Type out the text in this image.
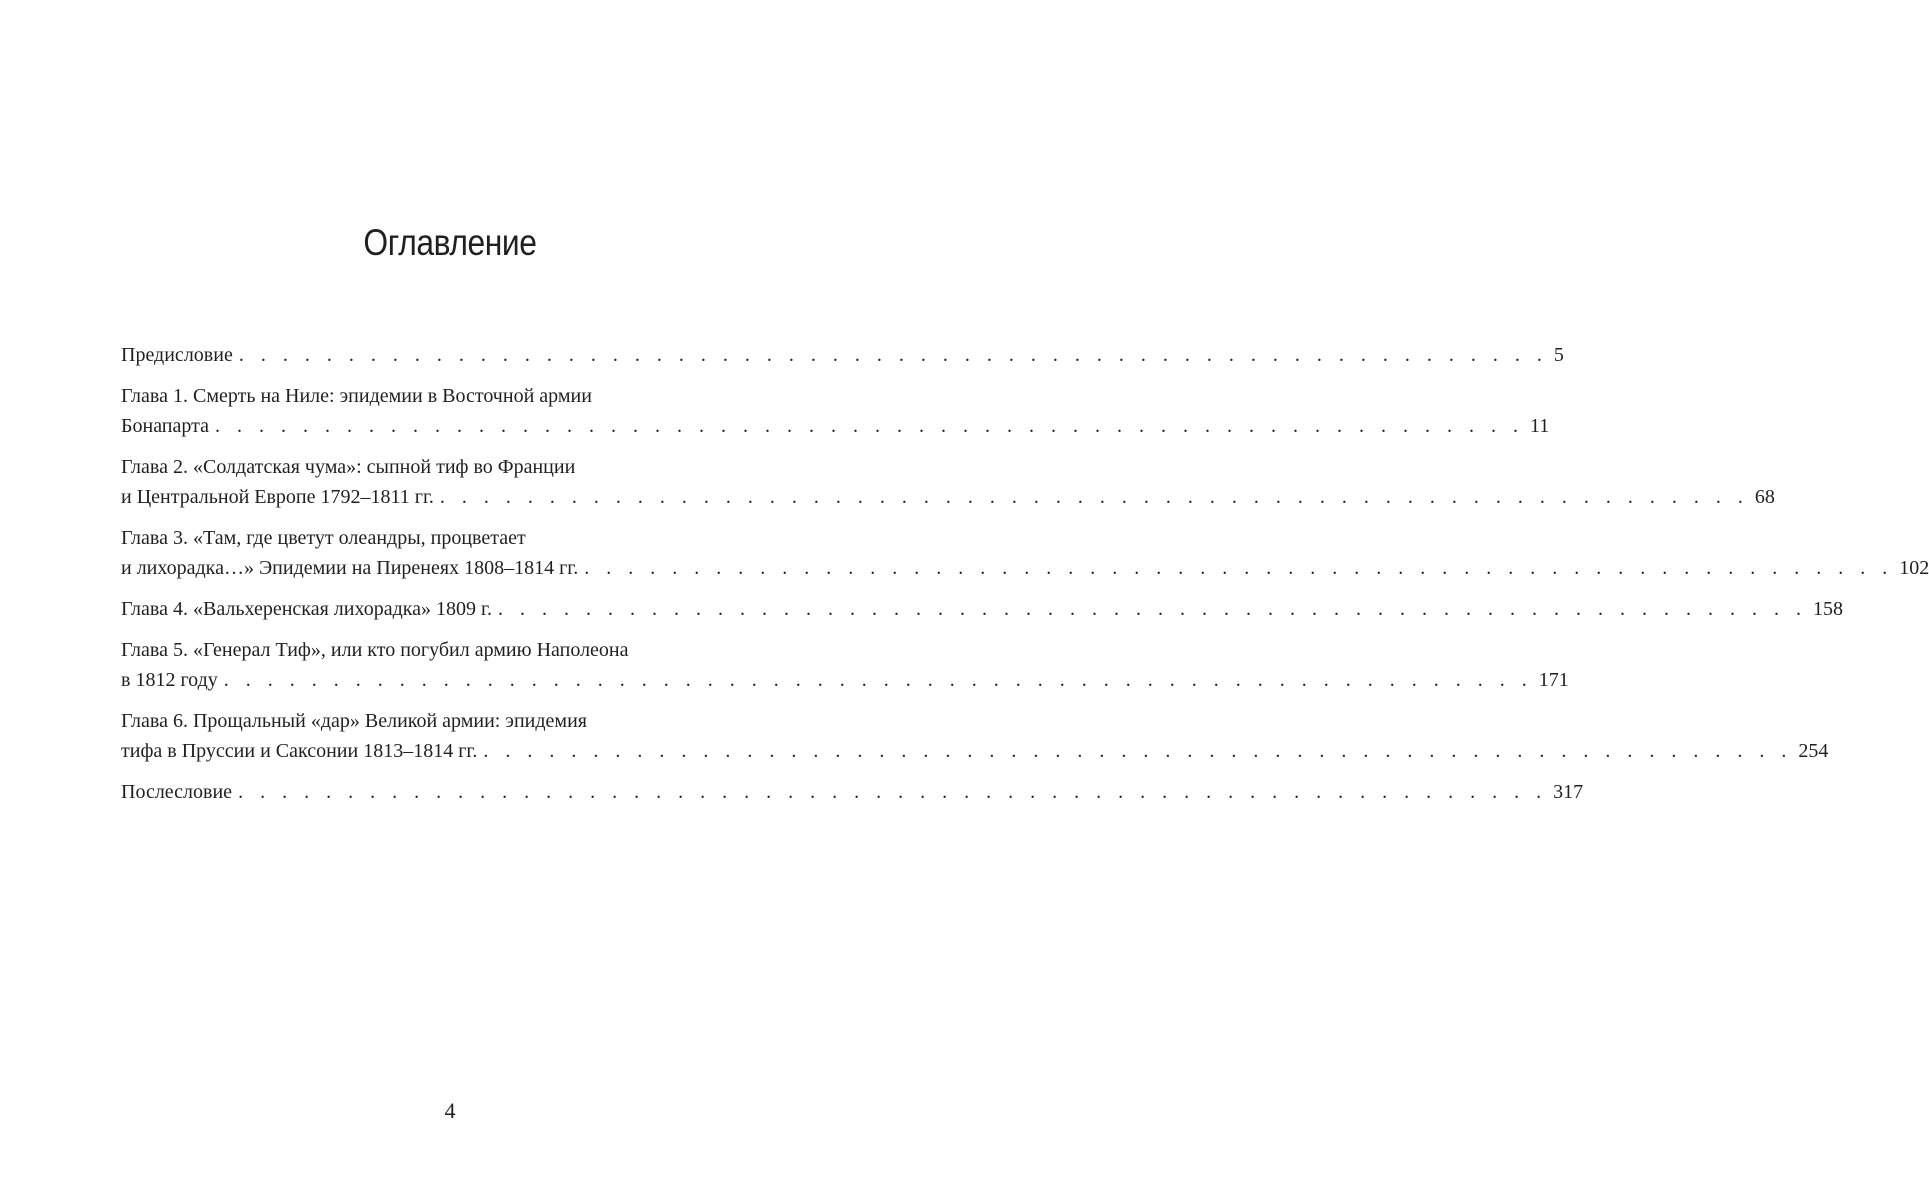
Оглавление
Предисловие . . . . . . . . . . . . . . . . . . . . . . . . . . . . . . . . . . . . . . . . . . . . . . . . . . . . . . . . . . . . 5
Глава 1. Смерть на Ниле: эпидемии в Восточной армии
Бонапарта . . . . . . . . . . . . . . . . . . . . . . . . . . . . . . . . . . . . . . . . . . . . . . . . . . . . . . . . . . . . 11
Глава 2. «Солдатская чума»: сыпной тиф во Франции
и Центральной Европе 1792–1811 гг. . . . . . . . . . . . . . . . . . . . . . . . . . . . . . . . . . . . . . . . . . . . . . . . . . . . . . . . . . . . . 68
Глава 3. «Там, где цветут олеандры, процветает
и лихорадка…» Эпидемии на Пиренеях 1808–1814 гг. . . . . . . . . . . . . . . . . . . . . . . . . . . . . . . . . . . . . . . . . . . . . . . . . . . . . . . . . . . . . 102
Глава 4. «Вальхеренская лихорадка» 1809 г. . . . . . . . . . . . . . . . . . . . . . . . . . . . . . . . . . . . . . . . . . . . . . . . . . . . . . . . . . . . . 158
Глава 5. «Генерал Тиф», или кто погубил армию Наполеона
в 1812 году . . . . . . . . . . . . . . . . . . . . . . . . . . . . . . . . . . . . . . . . . . . . . . . . . . . . . . . . . . . . 171
Глава 6. Прощальный «дар» Великой армии: эпидемия
тифа в Пруссии и Саксонии 1813–1814 гг. . . . . . . . . . . . . . . . . . . . . . . . . . . . . . . . . . . . . . . . . . . . . . . . . . . . . . . . . . . . . 254
Послесловие . . . . . . . . . . . . . . . . . . . . . . . . . . . . . . . . . . . . . . . . . . . . . . . . . . . . . . . . . . . . 317
4
